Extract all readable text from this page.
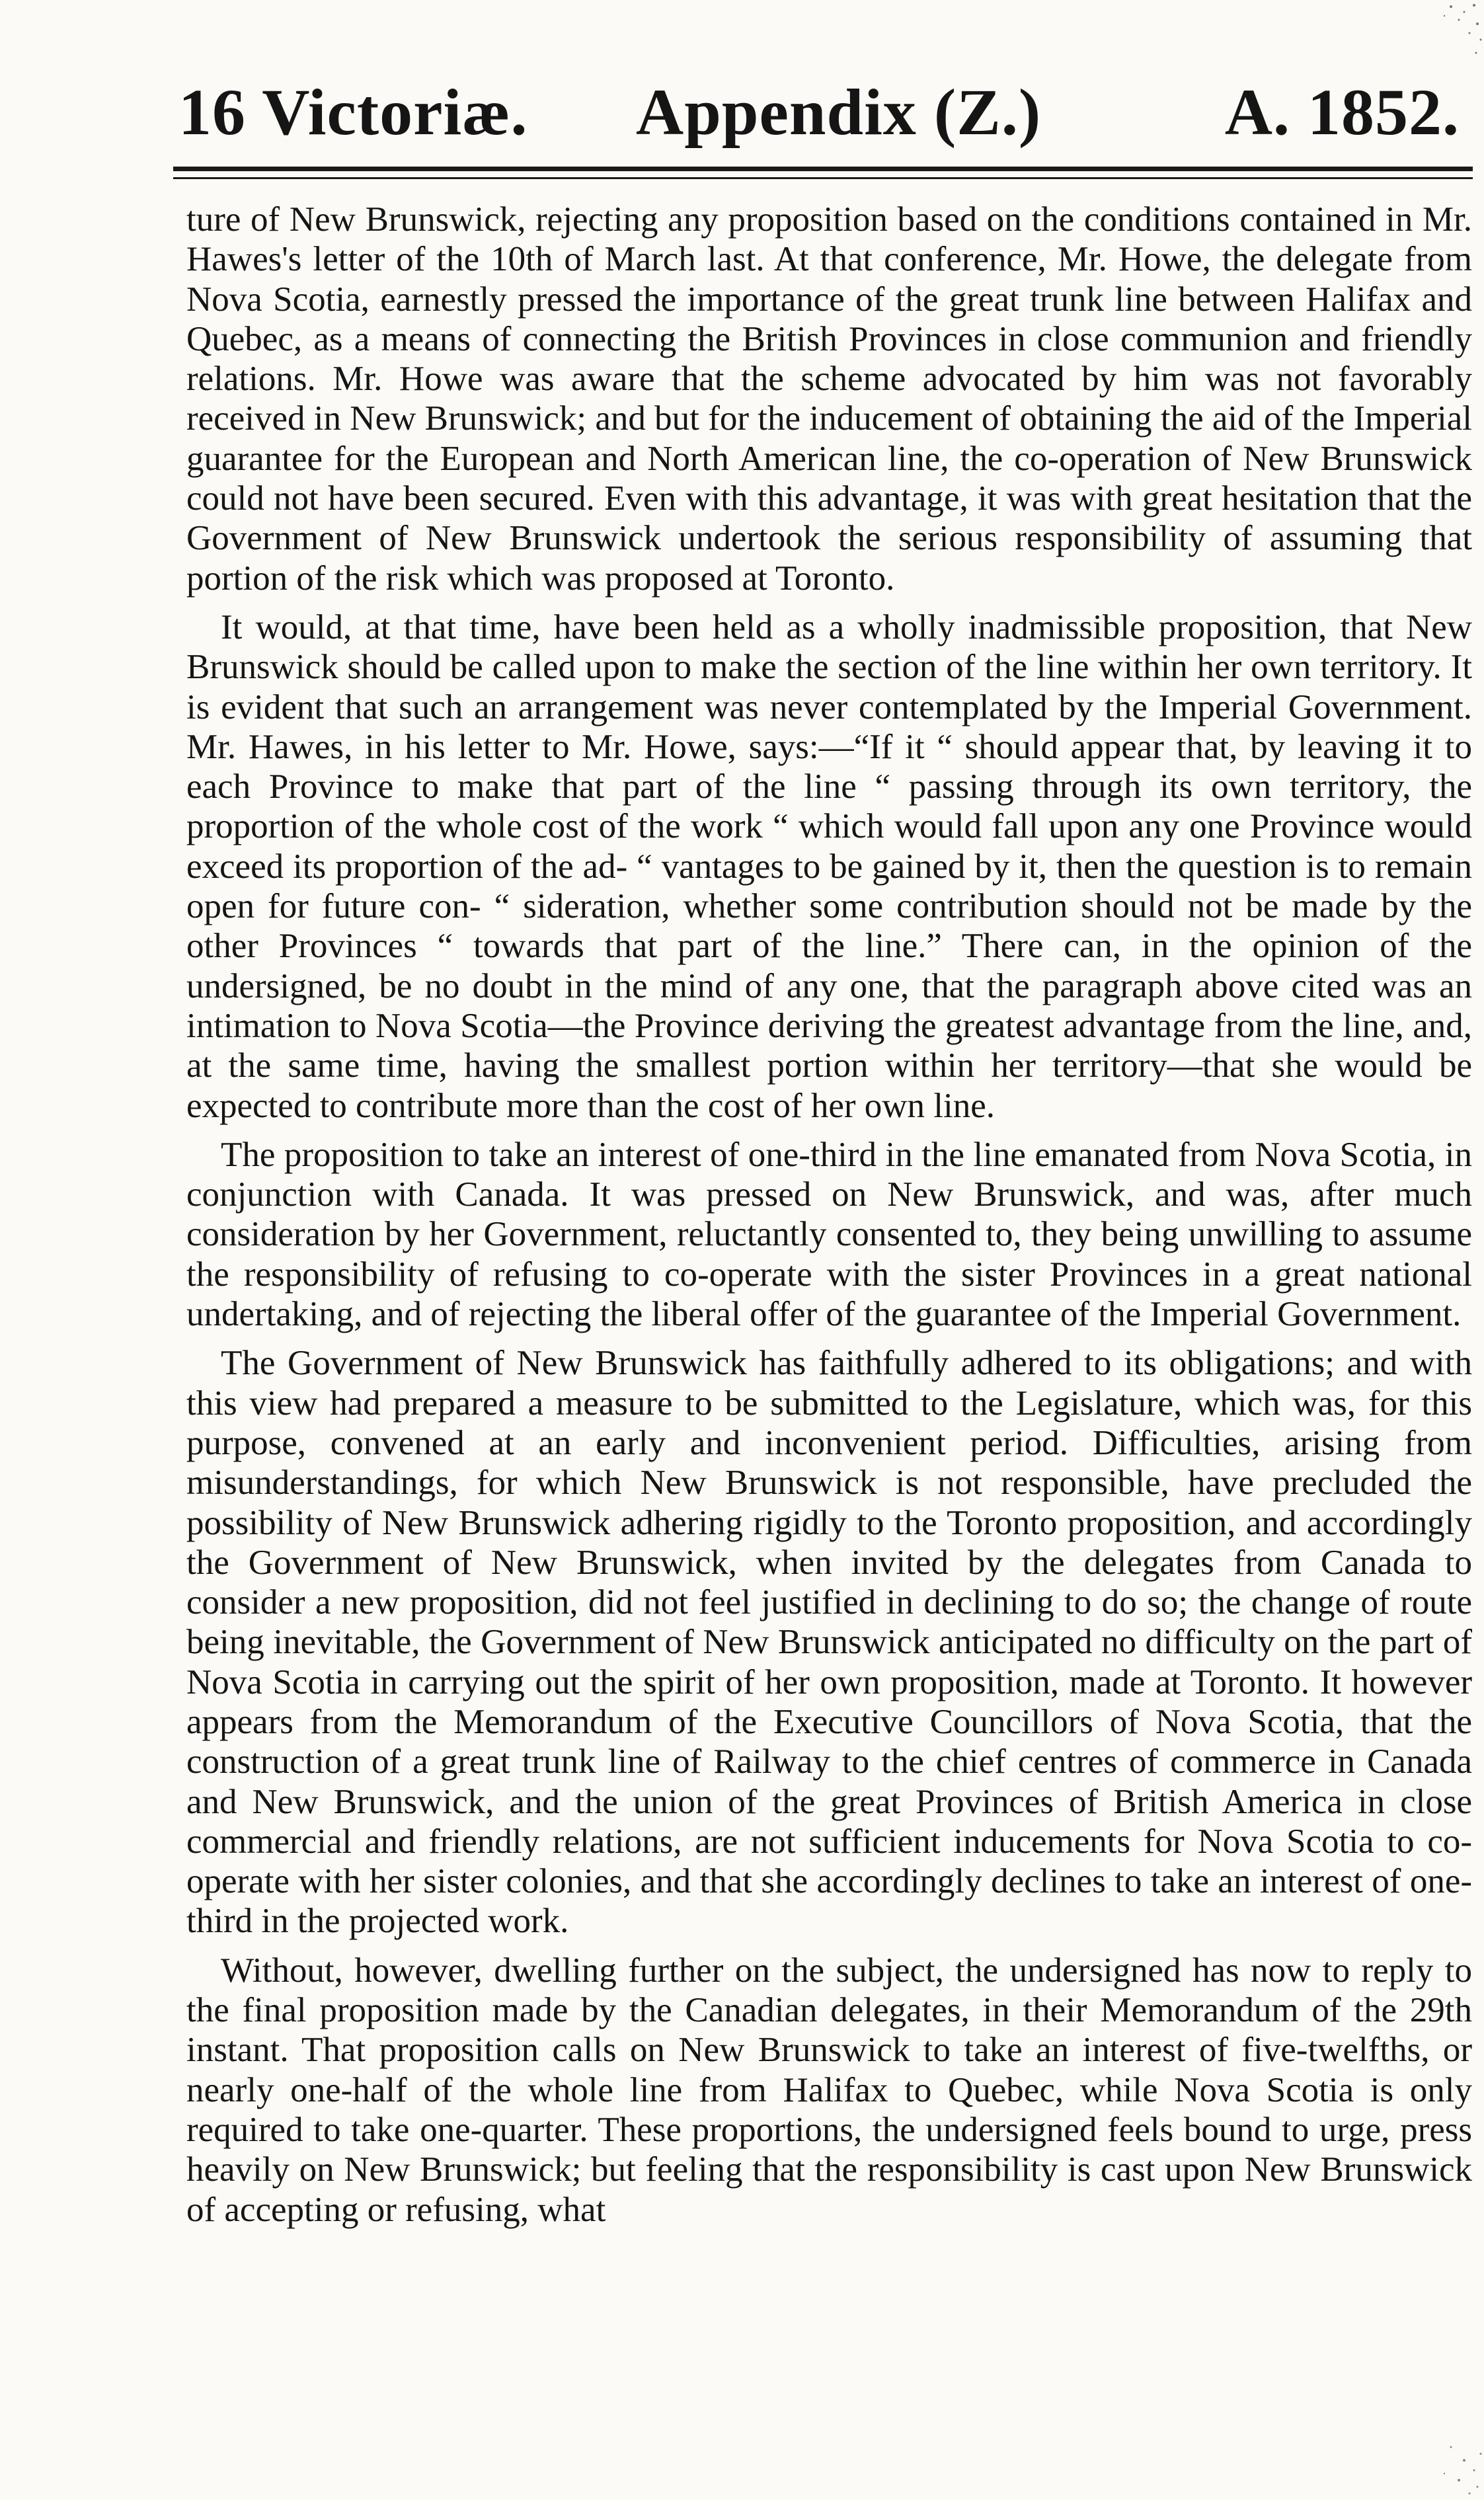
16 Victoriæ. Appendix (Z.)	A. 1852.

ture of New Brunswick, rejecting any proposition based on the conditions contained in Mr. Hawes's letter of the 10th of March last. At that conference, Mr. Howe, the delegate from Nova Scotia, earnestly pressed the importance of the great trunk line between Halifax and Quebec, as a means of connecting the British Provinces in close communion and friendly relations. Mr. Howe was aware that the scheme advocated by him was not favorably received in New Brunswick; and but for the inducement of obtaining the aid of the Imperial guarantee for the European and North American line, the co-operation of New Brunswick could not have been secured. Even with this advantage, it was with great hesitation that the Government of New Brunswick undertook the serious responsibility of assuming that portion of the risk which was proposed at Toronto.

It would, at that time, have been held as a wholly inadmissible proposition, that New Brunswick should be called upon to make the section of the line within her own territory. It is evident that such an arrangement was never contemplated by the Imperial Government. Mr. Hawes, in his letter to Mr. Howe, says:—“If it “ should appear that, by leaving it to each Province to make that part of the line “ passing through its own territory, the proportion of the whole cost of the work “ which would fall upon any one Province would exceed its proportion of the ad- “ vantages to be gained by it, then the question is to remain open for future con- “ sideration, whether some contribution should not be made by the other Provinces “ towards that part of the line.” There can, in the opinion of the undersigned, be no doubt in the mind of any one, that the paragraph above cited was an intimation to Nova Scotia—the Province deriving the greatest advantage from the line, and, at the same time, having the smallest portion within her territory—that she would be expected to contribute more than the cost of her own line.

The proposition to take an interest of one-third in the line emanated from Nova Scotia, in conjunction with Canada. It was pressed on New Brunswick, and was, after much consideration by her Government, reluctantly consented to, they being unwilling to assume the responsibility of refusing to co-operate with the sister Provinces in a great national undertaking, and of rejecting the liberal offer of the guarantee of the Imperial Government.

The Government of New Brunswick has faithfully adhered to its obligations; and with this view had prepared a measure to be submitted to the Legislature, which was, for this purpose, convened at an early and inconvenient period. Difficulties, arising from misunderstandings, for which New Brunswick is not responsible, have precluded the possibility of New Brunswick adhering rigidly to the Toronto proposition, and accordingly the Government of New Brunswick, when invited by the delegates from Canada to consider a new proposition, did not feel justified in declining to do so; the change of route being inevitable, the Government of New Brunswick anticipated no difficulty on the part of Nova Scotia in carrying out the spirit of her own proposition, made at Toronto. It however appears from the Memorandum of the Executive Councillors of Nova Scotia, that the construction of a great trunk line of Railway to the chief centres of commerce in Canada and New Brunswick, and the union of the great Provinces of British America in close commercial and friendly relations, are not sufficient inducements for Nova Scotia to co-operate with her sister colonies, and that she accordingly declines to take an interest of one-third in the projected work.

Without, however, dwelling further on the subject, the undersigned has now to reply to the final proposition made by the Canadian delegates, in their Memorandum of the 29th instant. That proposition calls on New Brunswick to take an interest of five-twelfths, or nearly one-half of the whole line from Halifax to Quebec, while Nova Scotia is only required to take one-quarter. These proportions, the undersigned feels bound to urge, press heavily on New Brunswick; but feeling that the responsibility is cast upon New Brunswick of accepting or refusing, what
